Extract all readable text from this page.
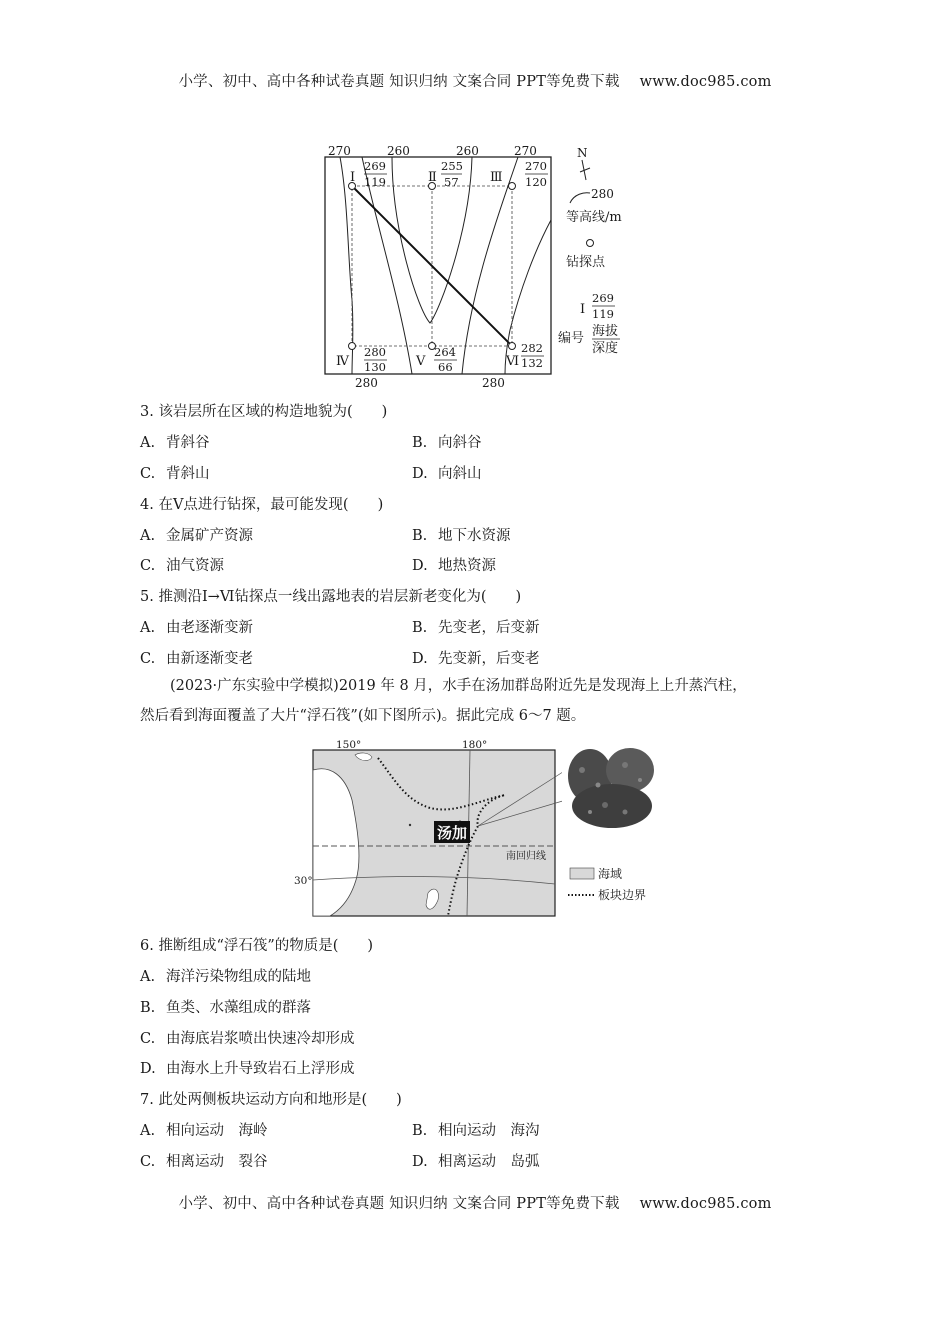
小学、初中、高中各种试卷真题 知识归纳 文案合同 PPT等免费下载 www.doc985.com
270	260	260	270
280	280
Ⅰ
269
119	Ⅱ
255
57 Ⅲ
270
120
Ⅳ
280
130 Ⅴ
264
66	Ⅵ
282
132
N
280
等高线/m
钻探点
Ⅰ
269
119
编号 海拔
深度
3. 该岩层所在区域的构造地貌为(　　)
A. 背斜谷	B. 向斜谷
C. 背斜山	D. 向斜山
4. 在Ⅴ点进行钻探，最可能发现(　　)
A. 金属矿产资源	B. 地下水资源
C. 油气资源	D. 地热资源
5. 推测沿Ⅰ→Ⅵ钻探点一线出露地表的岩层新老变化为(　　)
A. 由老逐渐变新	B. 先变老，后变新
C. 由新逐渐变老	D. 先变新，后变老
(2023·广东实验中学模拟)2019 年 8 月，水手在汤加群岛附近先是发现海上上升蒸汽柱，
然后看到海面覆盖了大片“浮石筏”(如下图所示)。据此完成 6～7 题。
150°	180°
30°
南回归线
汤加
海域
板块边界
6. 推断组成“浮石筏”的物质是(　　)
A. 海洋污染物组成的陆地
B. 鱼类、水藻组成的群落
C. 由海底岩浆喷出快速冷却形成
D. 由海水上升导致岩石上浮形成
7. 此处两侧板块运动方向和地形是(　　)
A. 相向运动　海岭	B. 相向运动　海沟
C. 相离运动　裂谷	D. 相离运动　岛弧
小学、初中、高中各种试卷真题 知识归纳 文案合同 PPT等免费下载 www.doc985.com
